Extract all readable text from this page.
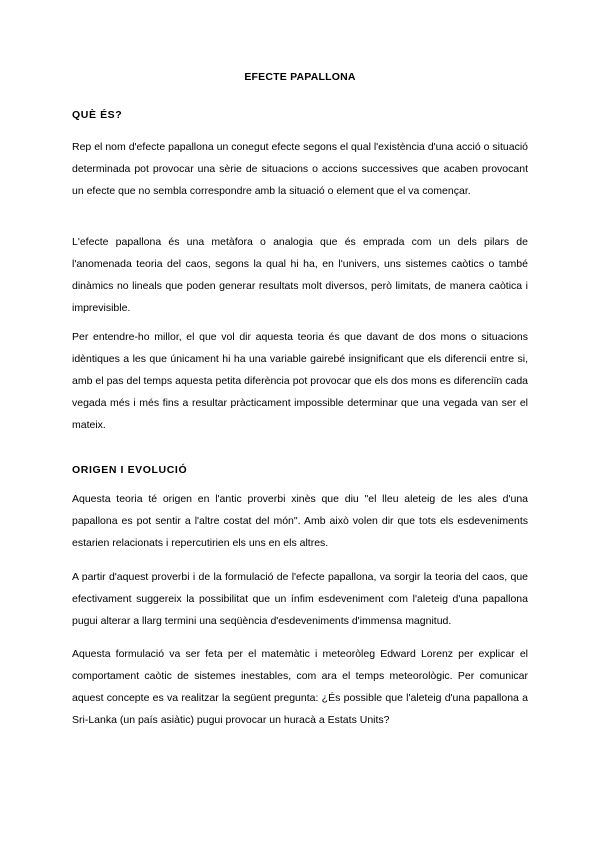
EFECTE PAPALLONA
QUÈ ÉS?

Rep el nom d'efecte papallona un conegut efecte segons el qual l'existència d'una acció o situació determinada pot provocar una sèrie de situacions o accions successives que acaben provocant un efecte que no sembla correspondre amb la situació o element que el va començar.

L'efecte papallona és una metàfora o analogia que és emprada com un dels pilars de l'anomenada teoria del caos, segons la qual hi ha, en l'univers, uns sistemes caòtics o també dinàmics no lineals que poden generar resultats molt diversos, però limitats, de manera caòtica i imprevisible.

Per entendre-ho millor, el que vol dir aquesta teoria és que davant de dos mons o situacions idèntiques a les que únicament hi ha una variable gairebé insignificant que els diferencii entre si, amb el pas del temps aquesta petita diferència pot provocar que els dos mons es diferenciïn cada vegada més i més fins a resultar pràcticament impossible determinar que una vegada van ser el mateix.

ORIGEN I EVOLUCIÓ

Aquesta teoria té origen en l'antic proverbi xinès que diu "el lleu aleteig de les ales d'una papallona es pot sentir a l'altre costat del món". Amb això volen dir que tots els esdeveniments estarien relacionats i repercutirien els uns en els altres.

A partir d'aquest proverbi i de la formulació de l'efecte papallona, va sorgir la teoria del caos, que efectivament suggereix la possibilitat que un ínfim esdeveniment com l'aleteig d'una papallona pugui alterar a llarg termini una seqüència d'esdeveniments d'immensa magnitud.

Aquesta formulació va ser feta per el matemàtic i meteoròleg Edward Lorenz per explicar el comportament caòtic de sistemes inestables, com ara el temps meteorològic. Per comunicar aquest concepte es va realitzar la següent pregunta: ¿És possible que l'aleteig d'una papallona a Sri-Lanka (un país asiàtic) pugui provocar un huracà a Estats Units?
